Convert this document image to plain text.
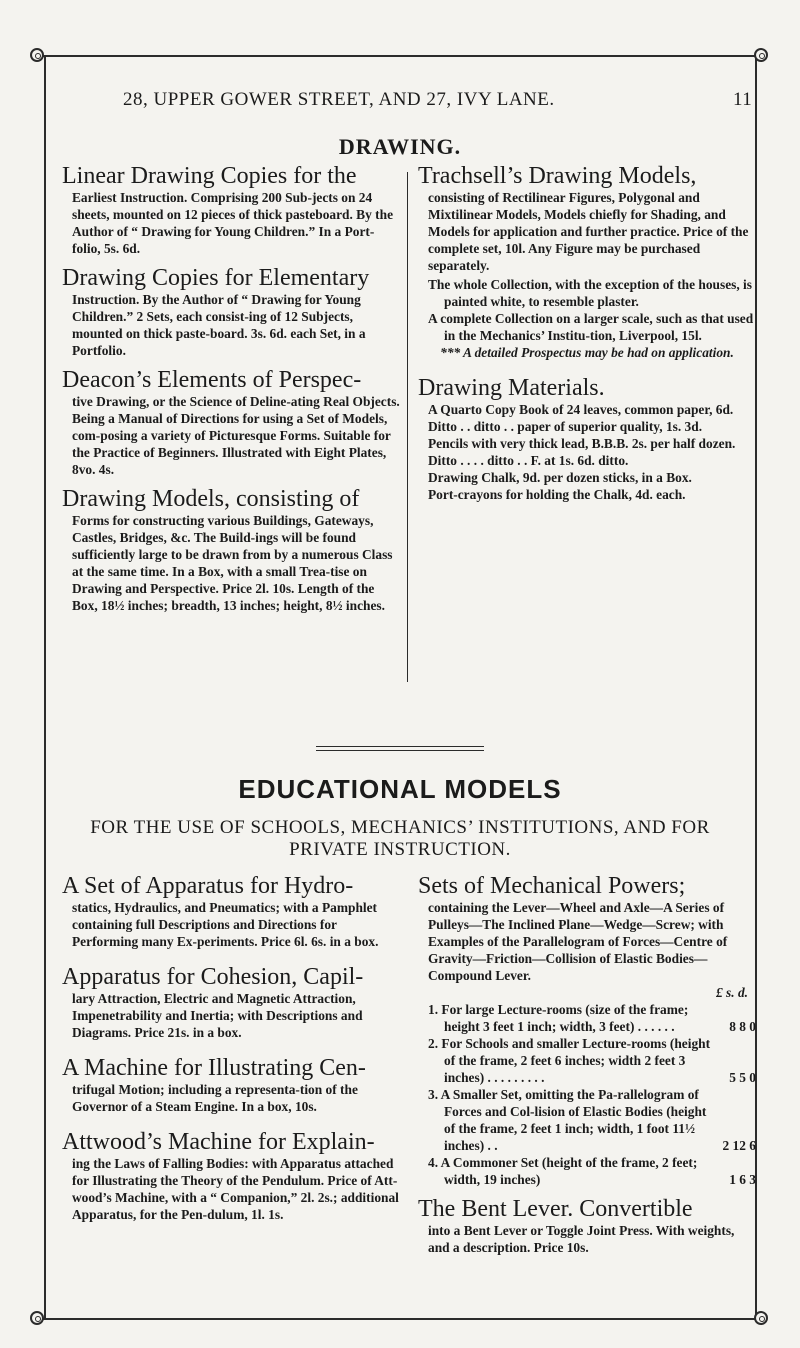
28, UPPER GOWER STREET, AND 27, IVY LANE.	11
DRAWING.
Linear Drawing Copies for the

Earliest Instruction. Comprising 200 Sub-jects on 24 sheets, mounted on 12 pieces of thick pasteboard. By the Author of “ Drawing for Young Children.” In a Port-folio, 5s. 6d.

Drawing Copies for Elementary

Instruction. By the Author of “ Drawing for Young Children.” 2 Sets, each consist-ing of 12 Subjects, mounted on thick paste-board. 3s. 6d. each Set, in a Portfolio.

Deacon’s Elements of Perspec-

tive Drawing, or the Science of Deline-ating Real Objects. Being a Manual of Directions for using a Set of Models, com-posing a variety of Picturesque Forms. Suitable for the Practice of Beginners. Illustrated with Eight Plates, 8vo. 4s.

Drawing Models, consisting of

Forms for constructing various Buildings, Gateways, Castles, Bridges, &c. The Build-ings will be found sufficiently large to be drawn from by a numerous Class at the same time. In a Box, with a small Trea-tise on Drawing and Perspective. Price 2l. 10s. Length of the Box, 18½ inches; breadth, 13 inches; height, 8½ inches.

Trachsell’s Drawing Models,

consisting of Rectilinear Figures, Polygonal and Mixtilinear Models, Models chiefly for Shading, and Models for application and further practice. Price of the complete set, 10l. Any Figure may be purchased separately.

The whole Collection, with the exception of the houses, is painted white, to resemble plaster.

A complete Collection on a larger scale, such as that used in the Mechanics’ Institu-tion, Liverpool, 15l.

*** A detailed Prospectus may be had on application.

Drawing Materials.

A Quarto Copy Book of 24 leaves, common paper, 6d.

Ditto . . ditto . . paper of superior quality, 1s. 3d.

Pencils with very thick lead, B.B.B. 2s. per half dozen.

Ditto . . . . ditto . . F. at 1s. 6d. ditto.

Drawing Chalk, 9d. per dozen sticks, in a Box.

Port-crayons for holding the Chalk, 4d. each.

EDUCATIONAL MODELS
FOR THE USE OF SCHOOLS, MECHANICS’ INSTITUTIONS, AND FOR
PRIVATE INSTRUCTION.
A Set of Apparatus for Hydro-

statics, Hydraulics, and Pneumatics; with a Pamphlet containing full Descriptions and Directions for Performing many Ex-periments. Price 6l. 6s. in a box.

Apparatus for Cohesion, Capil-

lary Attraction, Electric and Magnetic Attraction, Impenetrability and Inertia; with Descriptions and Diagrams. Price 21s. in a box.

A Machine for Illustrating Cen-

trifugal Motion; including a representa-tion of the Governor of a Steam Engine. In a box, 10s.

Attwood’s Machine for Explain-

ing the Laws of Falling Bodies: with Apparatus attached for Illustrating the Theory of the Pendulum. Price of Att-wood’s Machine, with a “ Companion,” 2l. 2s.; additional Apparatus, for the Pen-dulum, 1l. 1s.

Sets of Mechanical Powers;

containing the Lever—Wheel and Axle—A Series of Pulleys—The Inclined Plane—Wedge—Screw; with Examples of the Parallelogram of Forces—Centre of Gravity—Friction—Collision of Elastic Bodies—Compound Lever.

£ s. d.

1. For large Lecture-rooms (size of the frame; height 3 feet 1 inch; width, 3 feet) . . . . . .	8 8 0

2. For Schools and smaller Lecture-rooms (height of the frame, 2 feet 6 inches; width 2 feet 3 inches) . . . . . . . . .	5 5 0

3. A Smaller Set, omitting the Pa-rallelogram of Forces and Col-lision of Elastic Bodies (height of the frame, 2 feet 1 inch; width, 1 foot 11½ inches) . .	2 12 6

4. A Commoner Set (height of the frame, 2 feet; width, 19 inches)	1 6 3
The Bent Lever. Convertible

into a Bent Lever or Toggle Joint Press. With weights, and a description. Price 10s.
